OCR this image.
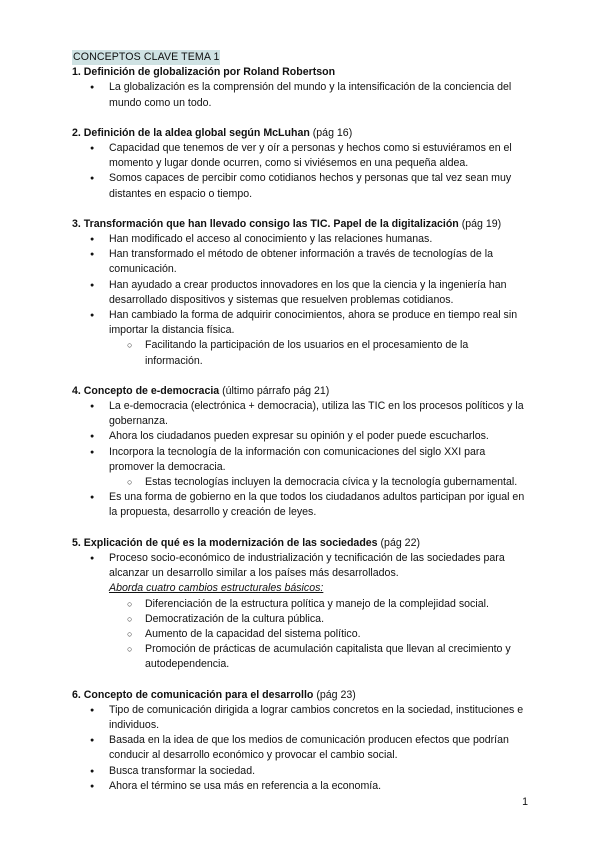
CONCEPTOS CLAVE TEMA 1
1. Definición de globalización por Roland Robertson
● La globalización es la comprensión del mundo y la intensificación de la conciencia del mundo como un todo.
2. Definición de la aldea global según McLuhan (pág 16)
● Capacidad que tenemos de ver y oír a personas y hechos como si estuviéramos en el momento y lugar donde ocurren, como si viviésemos en una pequeña aldea.
● Somos capaces de percibir como cotidianos hechos y personas que tal vez sean muy distantes en espacio o tiempo.
3. Transformación que han llevado consigo las TIC. Papel de la digitalización (pág 19)
● Han modificado el acceso al conocimiento y las relaciones humanas.
● Han transformado el método de obtener información a través de tecnologías de la comunicación.
● Han ayudado a crear productos innovadores en los que la ciencia y la ingeniería han desarrollado dispositivos y sistemas que resuelven problemas cotidianos.
● Han cambiado la forma de adquirir conocimientos, ahora se produce en tiempo real sin importar la distancia física.
○ Facilitando la participación de los usuarios en el procesamiento de la información.
4. Concepto de e-democracia (último párrafo pág 21)
● La e-democracia (electrónica + democracia), utiliza las TIC en los procesos políticos y la gobernanza.
● Ahora los ciudadanos pueden expresar su opinión y el poder puede escucharlos.
● Incorpora la tecnología de la información con comunicaciones del siglo XXI para promover la democracia.
○ Estas tecnologías incluyen la democracia cívica y la tecnología gubernamental.
● Es una forma de gobierno en la que todos los ciudadanos adultos participan por igual en la propuesta, desarrollo y creación de leyes.
5. Explicación de qué es la modernización de las sociedades (pág 22)
● Proceso socio-económico de industrialización y tecnificación de las sociedades para alcanzar un desarrollo similar a los países más desarrollados.
Aborda cuatro cambios estructurales básicos:
○ Diferenciación de la estructura política y manejo de la complejidad social.
○ Democratización de la cultura pública.
○ Aumento de la capacidad del sistema político.
○ Promoción de prácticas de acumulación capitalista que llevan al crecimiento y autodependencia.
6. Concepto de comunicación para el desarrollo (pág 23)
● Tipo de comunicación dirigida a lograr cambios concretos en la sociedad, instituciones e individuos.
● Basada en la idea de que los medios de comunicación producen efectos que podrían conducir al desarrollo económico y provocar el cambio social.
● Busca transformar la sociedad.
● Ahora el término se usa más en referencia a la economía.
1
